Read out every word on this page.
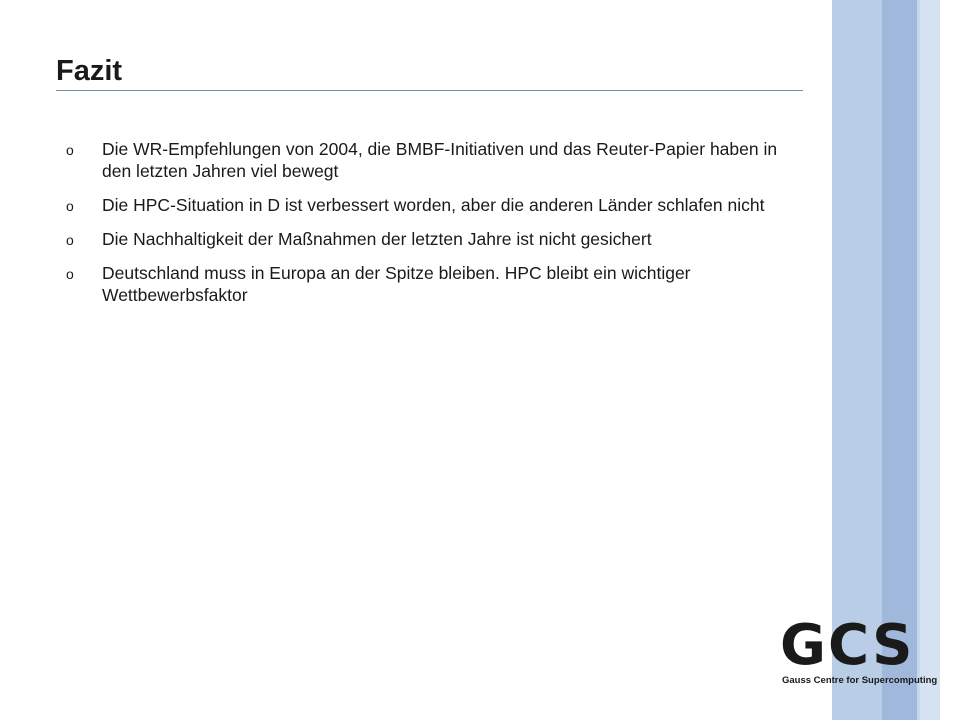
Fazit
o Die WR-Empfehlungen von 2004, die BMBF-Initiativen und das Reuter-Papier haben in den letzten Jahren viel bewegt
o Die HPC-Situation in D ist verbessert worden, aber die anderen Länder schlafen nicht
o Die Nachhaltigkeit der Maßnahmen der letzten Jahre ist nicht gesichert
o Deutschland muss in Europa an der Spitze bleiben. HPC bleibt ein wichtiger Wettbewerbsfaktor
GCS
Gauss Centre for Supercomputing
